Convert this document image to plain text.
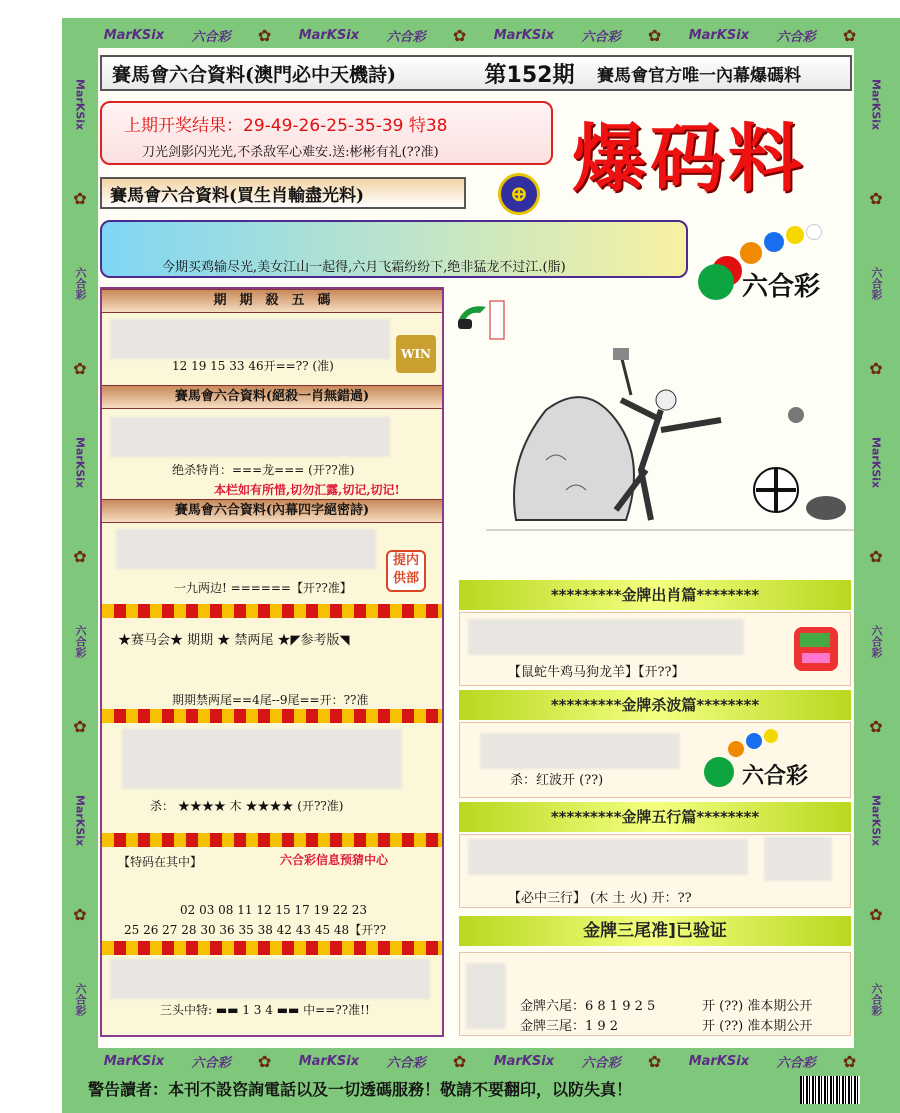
MarKSix 六合彩 ✿ MarKSix 六合彩 ✿ MarKSix 六合彩 ✿ MarKSix 六合彩 ✿
MarKSix 六合彩 ✿ MarKSix 六合彩 ✿ MarKSix 六合彩 ✿ MarKSix 六合彩 ✿
MarKSix
✿
六合彩
✿
MarKSix
✿
六合彩
✿
MarKSix
✿
六合彩
MarKSix
✿
六合彩
✿
MarKSix
✿
六合彩
✿
MarKSix
✿
六合彩
賽馬會六合資料(澳門必中天機詩)	第152期	賽馬會官方唯一內幕爆碼料
上期开奖结果：29-49-26-25-35-39 特38
刀光剑影闪光光,不杀敌军心难安.送:彬彬有礼(??准) 爆码料
賽馬會六合資料(買生肖輸盡光料)	⊕
今期买鸡输尽光,美女江山一起得,六月飞霜纷纷下,绝非猛龙不过江.(脂)
六合彩
期　期　殺　五　碼
12 19 15 33 46开==?? (准)
WIN
賽馬會六合資料(絕殺一肖無錯過)
绝杀特肖：===龙=== (开??准)
本栏如有所惜,切勿汇露,切记,切记!
賽馬會六合資料(內幕四字絕密詩)
提内供部
一九两边! ======【开??准】
★赛马会★ 期期 ★ 禁两尾 ★◤参考版◥
期期禁两尾==4尾--9尾==开：??准
杀： ★★★★ 木 ★★★★ (开??准)
【特码在其中】	六合彩信息预猜中心
02 03 08 11 12 15 17 19 22 23
25 26 27 28 30 36 35 38 42 43 45 48【开??
三头中特: ▬▬ 1 3 4 ▬▬ 中==??准!!
*********金牌出肖篇********
【鼠蛇牛鸡马狗龙羊】【开??】
*********金牌杀波篇********
杀：红波开 (??)	六合彩
*********金牌五行篇********
【必中三行】 (木 土 火) 开：??
金牌三尾准]已验证
金牌六尾：6 8 1 9 2 5	开 (??) 准本期公开
金牌三尾：1 9 2	开 (??) 准本期公开
警告讀者：本刊不設咨詢電話以及一切透碼服務！敬請不要翻印，以防失真！
